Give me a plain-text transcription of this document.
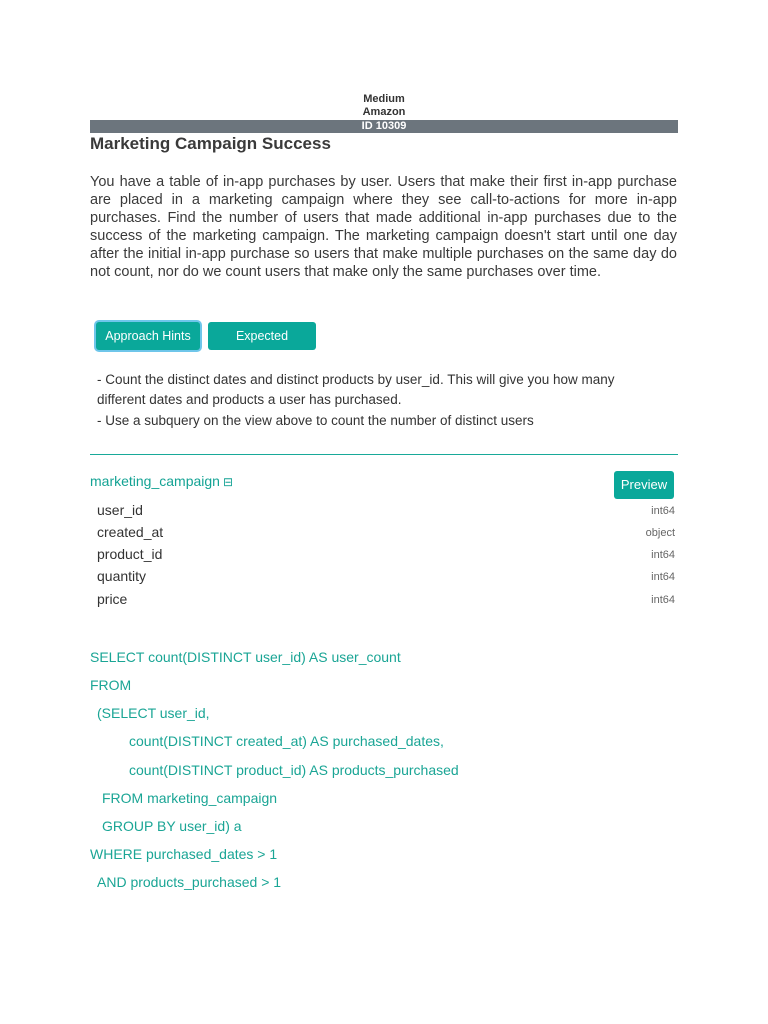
Medium
Amazon
ID 10309
Marketing Campaign Success

You have a table of in-app purchases by user. Users that make their first in-app purchase are placed in a marketing campaign where they see call-to-actions for more in-app purchases. Find the number of users that made additional in-app purchases due to the success of the marketing campaign. The marketing campaign doesn't start until one day after the initial in-app purchase so users that make multiple purchases on the same day do not count, nor do we count users that make only the same purchases over time.

Approach Hints	Expected Output
- Count the distinct dates and distinct products by user_id. This will give you how many
different dates and products a user has purchased.
- Use a subquery on the view above to count the number of distinct users
marketing_campaign ⊟	Preview
user_id	int64
created_at	object
product_id	int64
quantity	int64
price	int64
SELECT count(DISTINCT user_id) AS user_count
FROM
(SELECT user_id,
count(DISTINCT created_at) AS purchased_dates,
count(DISTINCT product_id) AS products_purchased
FROM marketing_campaign
GROUP BY user_id) a
WHERE purchased_dates > 1
AND products_purchased > 1
